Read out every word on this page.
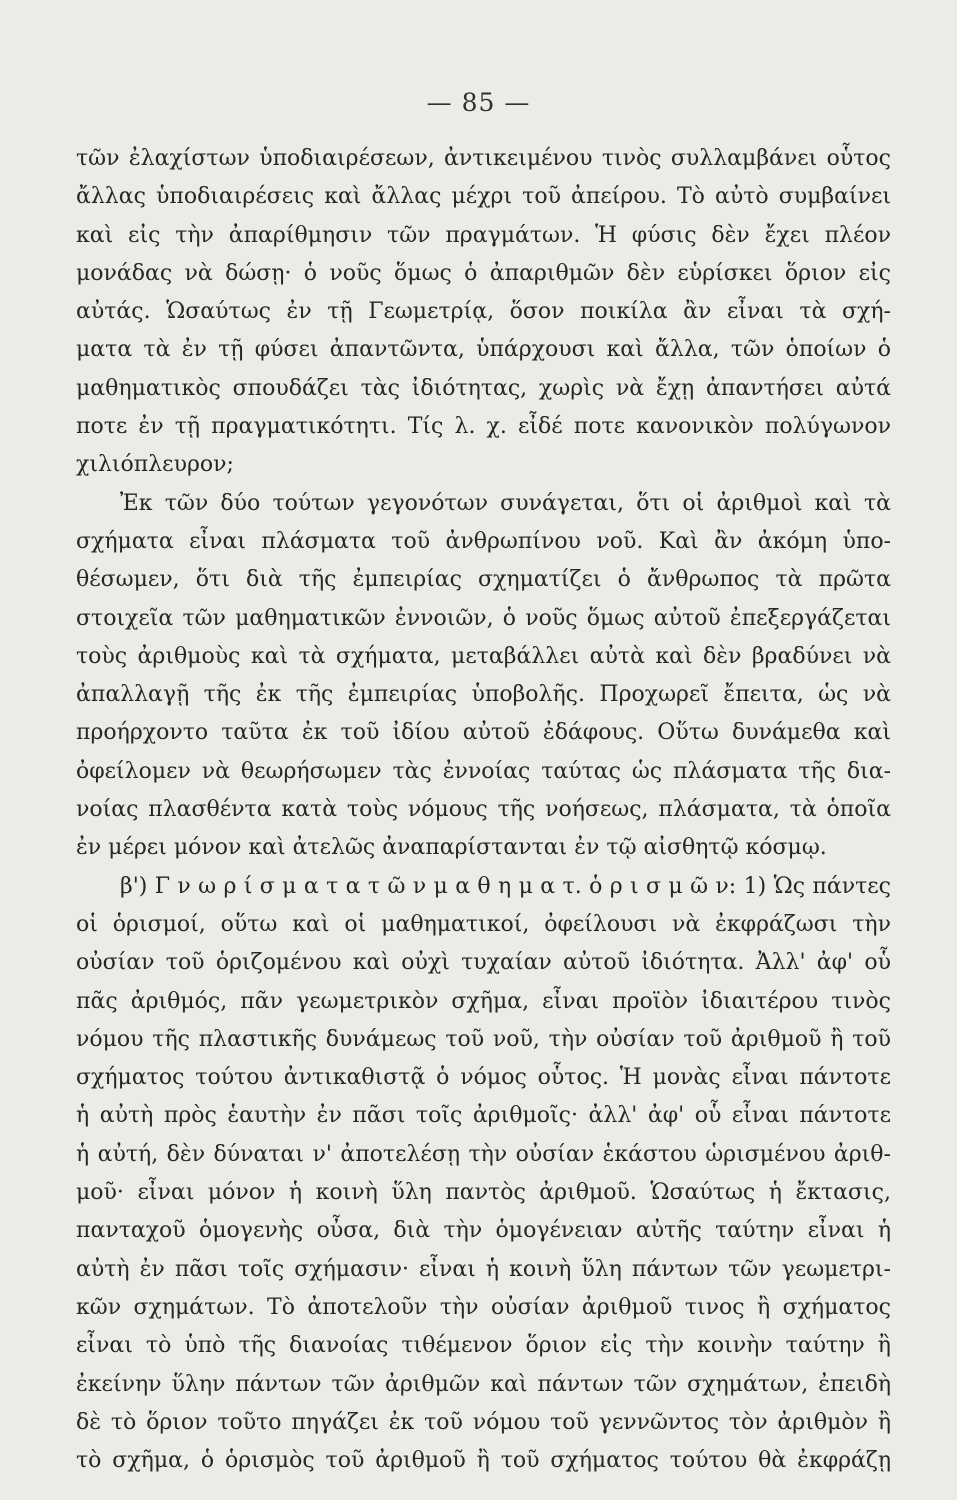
— 85 —
τῶν ἐλαχίστων ὑποδιαιρέσεων, ἀντικειμένου τινὸς συλλαμβάνει οὗτος
ἄλλας ὑποδιαιρέσεις καὶ ἄλλας μέχρι τοῦ ἀπείρου. Τὸ αὐτὸ συμβαίνει
καὶ εἰς τὴν ἀπαρίθμησιν τῶν πραγμάτων. Ἡ φύσις δὲν ἔχει πλέον
μονάδας νὰ δώσῃ· ὁ νοῦς ὅμως ὁ ἀπαριθμῶν δὲν εὑρίσκει ὅριον εἰς
αὐτάς. Ὡσαύτως ἐν τῇ Γεωμετρίᾳ, ὅσον ποικίλα ἂν εἶναι τὰ σχή-
ματα τὰ ἐν τῇ φύσει ἀπαντῶντα, ὑπάρχουσι καὶ ἄλλα, τῶν ὁποίων ὁ
μαθηματικὸς σπουδάζει τὰς ἰδιότητας, χωρὶς νὰ ἔχῃ ἀπαντήσει αὐτά
ποτε ἐν τῇ πραγματικότητι. Τίς λ. χ. εἶδέ ποτε κανονικὸν πολύγωνον
χιλιόπλευρον;
Ἐκ τῶν δύο τούτων γεγονότων συνάγεται, ὅτι οἱ ἀριθμοὶ καὶ τὰ
σχήματα εἶναι πλάσματα τοῦ ἀνθρωπίνου νοῦ. Καὶ ἂν ἀκόμη ὑπο-
θέσωμεν, ὅτι διὰ τῆς ἐμπειρίας σχηματίζει ὁ ἄνθρωπος τὰ πρῶτα
στοιχεῖα τῶν μαθηματικῶν ἐννοιῶν, ὁ νοῦς ὅμως αὐτοῦ ἐπεξεργάζεται
τοὺς ἀριθμοὺς καὶ τὰ σχήματα, μεταβάλλει αὐτὰ καὶ δὲν βραδύνει νὰ
ἀπαλλαγῇ τῆς ἐκ τῆς ἐμπειρίας ὑποβολῆς. Προχωρεῖ ἔπειτα, ὡς νὰ
προήρχοντο ταῦτα ἐκ τοῦ ἰδίου αὐτοῦ ἐδάφους. Οὕτω δυνάμεθα καὶ
ὀφείλομεν νὰ θεωρήσωμεν τὰς ἐννοίας ταύτας ὡς πλάσματα τῆς δια-
νοίας πλασθέντα κατὰ τοὺς νόμους τῆς νοήσεως, πλάσματα, τὰ ὁποῖα
ἐν μέρει μόνον καὶ ἀτελῶς ἀναπαρίστανται ἐν τῷ αἰσθητῷ κόσμῳ.
β') Γ ν ω ρ ί σ μ α τ α τ ῶ ν μ α θ η μ α τ. ὁ ρ ι σ μ ῶ ν: 1) Ὡς πάντες
οἱ ὁρισμοί, οὕτω καὶ οἱ μαθηματικοί, ὀφείλουσι νὰ ἐκφράζωσι τὴν
οὐσίαν τοῦ ὁριζομένου καὶ οὐχὶ τυχαίαν αὐτοῦ ἰδιότητα. Ἀλλ' ἀφ' οὗ
πᾶς ἀριθμός, πᾶν γεωμετρικὸν σχῆμα, εἶναι προϊὸν ἰδιαιτέρου τινὸς
νόμου τῆς πλαστικῆς δυνάμεως τοῦ νοῦ, τὴν οὐσίαν τοῦ ἀριθμοῦ ἢ τοῦ
σχήματος τούτου ἀντικαθιστᾷ ὁ νόμος οὗτος. Ἡ μονὰς εἶναι πάντοτε
ἡ αὐτὴ πρὸς ἑαυτὴν ἐν πᾶσι τοῖς ἀριθμοῖς· ἀλλ' ἀφ' οὗ εἶναι πάντοτε
ἡ αὐτή, δὲν δύναται ν' ἀποτελέσῃ τὴν οὐσίαν ἑκάστου ὡρισμένου ἀριθ-
μοῦ· εἶναι μόνον ἡ κοινὴ ὕλη παντὸς ἀριθμοῦ. Ὡσαύτως ἡ ἔκτασις,
πανταχοῦ ὁμογενὴς οὖσα, διὰ τὴν ὁμογένειαν αὐτῆς ταύτην εἶναι ἡ
αὐτὴ ἐν πᾶσι τοῖς σχήμασιν· εἶναι ἡ κοινὴ ὕλη πάντων τῶν γεωμετρι-
κῶν σχημάτων. Τὸ ἀποτελοῦν τὴν οὐσίαν ἀριθμοῦ τινος ἢ σχήματος
εἶναι τὸ ὑπὸ τῆς διανοίας τιθέμενον ὅριον εἰς τὴν κοινὴν ταύτην ἢ
ἐκείνην ὕλην πάντων τῶν ἀριθμῶν καὶ πάντων τῶν σχημάτων, ἐπειδὴ
δὲ τὸ ὅριον τοῦτο πηγάζει ἐκ τοῦ νόμου τοῦ γεννῶντος τὸν ἀριθμὸν ἢ
τὸ σχῆμα, ὁ ὁρισμὸς τοῦ ἀριθμοῦ ἢ τοῦ σχήματος τούτου θὰ ἐκφράζῃ
